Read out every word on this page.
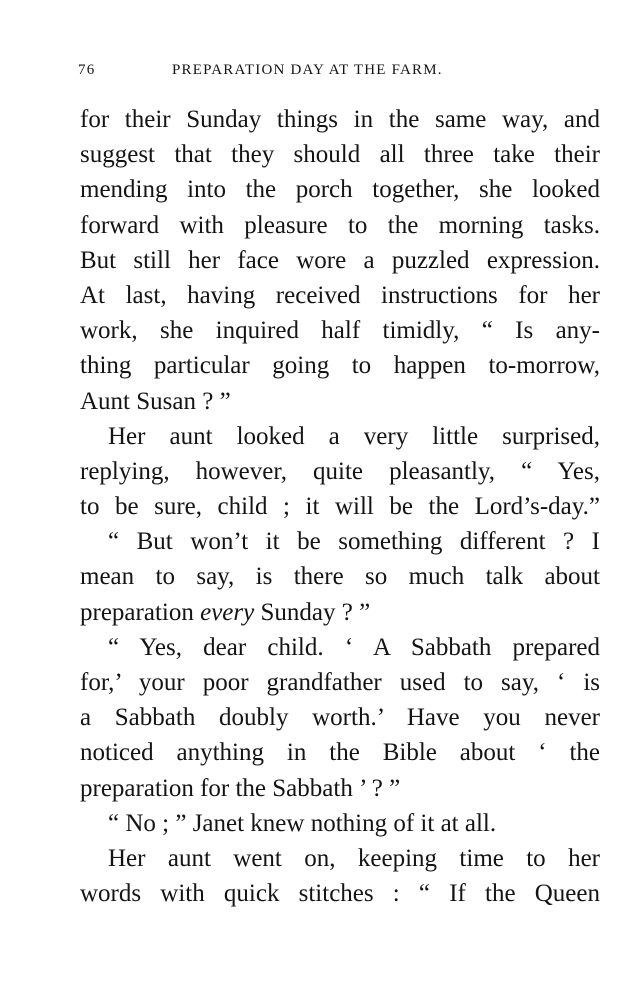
76	PREPARATION DAY AT THE FARM.
for their Sunday things in the same way, and
suggest that they should all three take their
mending into the porch together, she looked
forward with pleasure to the morning tasks.
But still her face wore a puzzled expression.
At last, having received instructions for her
work, she inquired half timidly, “ Is any-
thing particular going to happen to-morrow,
Aunt Susan ? ”
Her aunt looked a very little surprised,
replying, however, quite pleasantly, “ Yes,
to be sure, child ; it will be the Lord’s-day.”
“ But won’t it be something different ? I
mean to say, is there so much talk about
preparation every Sunday ? ”
“ Yes, dear child. ‘ A Sabbath prepared
for,’ your poor grandfather used to say, ‘ is
a Sabbath doubly worth.’ Have you never
noticed anything in the Bible about ‘ the
preparation for the Sabbath ’ ? ”
“ No ; ” Janet knew nothing of it at all.
Her aunt went on, keeping time to her
words with quick stitches : “ If the Queen
